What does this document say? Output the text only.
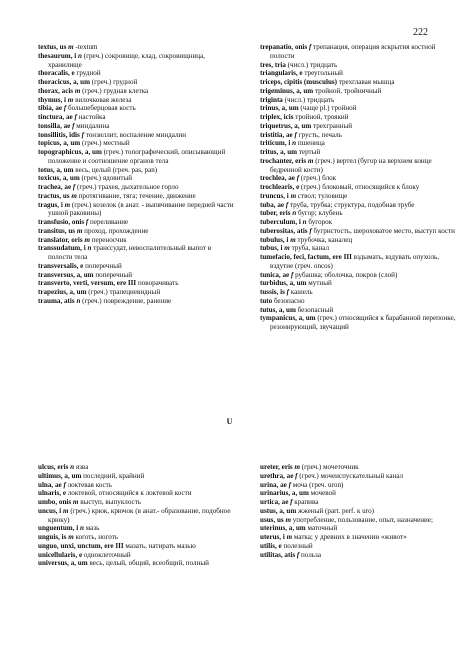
222

textus, us m -textum

thesaurum, i n (греч.) сокровище, клад, сокровищница, хранилище

thoracalis, e грудной

thoracicus, a, um (греч.) грудной

thorax, acis m (греч.) грудная клетка

thymus, i m вилочковая железа

tibia, ae f большеберцовая кость

tinctura, ae f настойка

tonsilla, ae f миндалина

tonsillitis, idis f тонзиллит, воспаление миндалин

topicus, a, um (греч.) местный

topographicus, a, um (греч.) топографический, описывающий положение и соотношение органов тела

totus, a, um весь, целый (греч. pas, pan)

toxicus, a, um (греч.) ядовитый

trachea, ae f (греч.) трахея, дыхательное горло

tractus, us m протягивание, тяга; течение, движение

tragus, i m (греч.) козелок (в анат. - выпячивание передней части ушной раковины)

transfusio, onis f переливание

transitus, us m проход, прохождение

translator, oris m переносчик

transsudatum, i n транссудат, невоспалительный выпот в полости тела

transversalis, e поперечный

transversus, a, um поперечный

transverto, verti, versum, ere III поворачивать

trapezius, a, um (греч.) трапециевидный

trauma, atis n (греч.) повреждение, ранение

trepanatio, onis f трепанация, операция вскрытия костной полости

tres, tria (числ.) тридцать

triangularis, e треугольный

triceps, cipitis (musculus) трехглавая мышца

trigeminus, a, um тройной, тройничный

triginta (числ.) тридцать

trinus, a, um (чаще pl.) тройной

triplex, icis тройной, троякий

triquetrus, a, um трехгранный

tristitia, ae f грусть, печаль

triticum, i n пшеница

tritus, a, um тертый

trochanter, eris m (греч.) вертел (бугор на верхнем конце бедренной кости)

trochlea, ae f (греч.) блок

trochlearis, e (греч.) блоковый, относящийся к блоку

truncus, i m ствол; туловище

tuba, ae f труба, трубка; структура, подобная трубе

tuber, eris n бугор; клубень

tuberculum, i n бугорок

tuberositas, atis f бугристость, шероховатое место, выступ кости

tubulus, i m трубочка, каналец

tubus, i m труба, канал

tumefacio, feci, factum, ere III вздымать, вздувать опухоль, вздутие (греч. oncos)

tunica, ae f рубашка; оболочка, покров (слой)

turbidus, a, um мутный

tussis, is f кашель

tuto безопасно

tutus, a, um безопасный

tympanicus, a, um (греч.) относящийся к барабанной перепонке, резонирующий, звучащий

U

ulcus, eris n язва

ultimus, a, um последний, крайний

ulna, ae f локтевая кость

ulnaris, e локтевой, относящийся к локтевой кости

umbo, onis m выступ, выпуклость

uncus, i m (греч.) крюк, крючок (в анат.- образование, подобное крюку)

unguentum, i n мазь

unguis, is m коготь, ноготь

unguo, unxi, unctum, ere III мазать, натирать мазью

unicellularis, e одноклеточный

universus, a, um весь, целый, общий, всеобщий, полный

ureter, eris m (греч.) мочеточник

urethra, ae f (греч.) мочеиспускательный канал

urina, ae f моча (греч. uron)

urinarius, a, um мочевой

urtica, ae f крапива

ustus, a, um жженый (part. perf. к uro)

usus, us m употребление, пользование, опыт, назначение;

uterinus, a, um маточный

uterus, i m матка; у древних в значении «живот»

utilis, e полезный

utilitas, atis f польза
